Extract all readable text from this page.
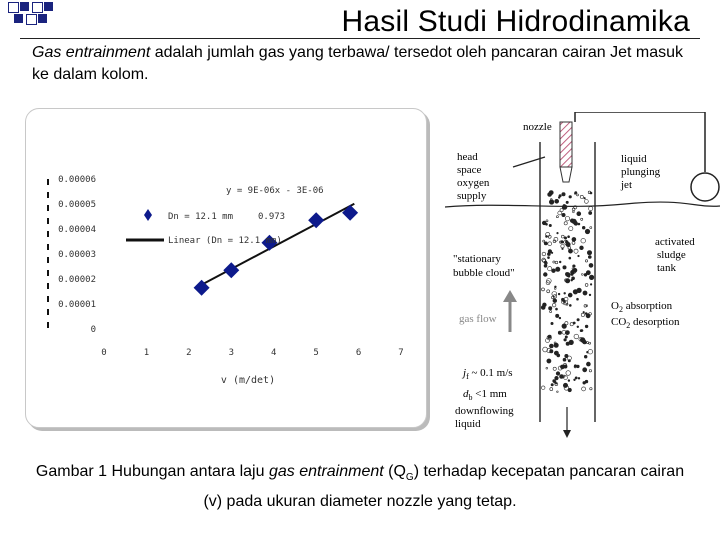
Hasil Studi Hidrodinamika
Gas entrainment adalah jumlah gas yang terbawa/ tersedot oleh pancaran cairan Jet masuk ke dalam kolom.
0.00006
0.00005
0.00004
0.00003
0.00002
0.00001
0
0	1	2	3	4	5	6	7
v (m/det)
y = 9E-06x - 3E-06
0.973
Dn = 12.1 mm
Linear (Dn = 12.1 mm)
nozzle
head
space
oxygen
supply
liquid
plunging
jet
"stationary
bubble cloud"
activated
sludge
tank
gas flow
$O_2$ absorption
$CO_2$ desorption
$j_f$ ~ 0.1 m/s
$d_b <1$ mm
downflowing
liquid
Gambar 1 Hubungan antara laju gas entrainment $(Q_G)$ terhadap kecepatan pancaran cairan (v) pada ukuran diameter nozzle yang tetap.
